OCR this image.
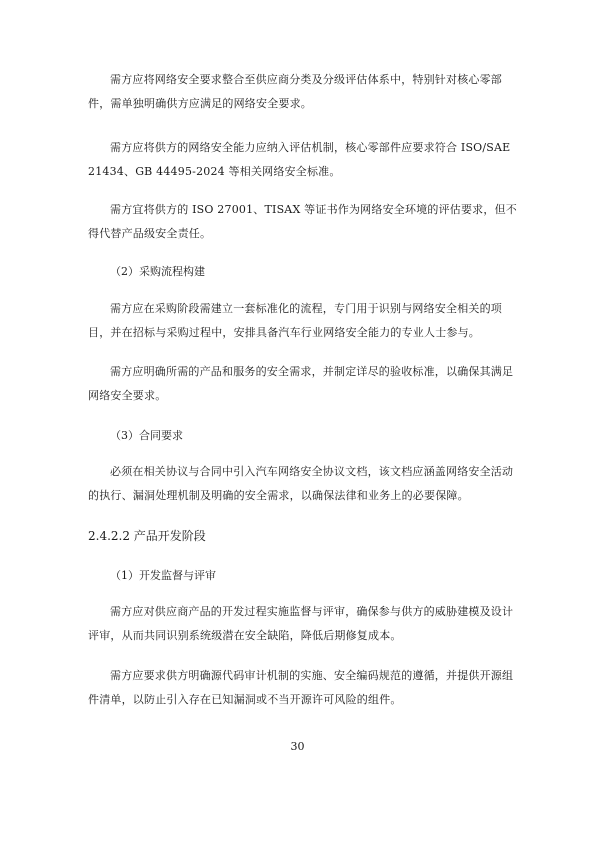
需方应将网络安全要求整合至供应商分类及分级评估体系中，特别针对核心零部件，需单独明确供方应满足的网络安全要求。

需方应将供方的网络安全能力应纳入评估机制，核心零部件应要求符合 ISO/SAE 21434、GB 44495-2024 等相关网络安全标准。

需方宜将供方的 ISO 27001、TISAX 等证书作为网络安全环境的评估要求，但不得代替产品级安全责任。

（2）采购流程构建

需方应在采购阶段需建立一套标准化的流程，专门用于识别与网络安全相关的项目，并在招标与采购过程中，安排具备汽车行业网络安全能力的专业人士参与。

需方应明确所需的产品和服务的安全需求，并制定详尽的验收标准，以确保其满足网络安全要求。

（3）合同要求

必须在相关协议与合同中引入汽车网络安全协议文档，该文档应涵盖网络安全活动的执行、漏洞处理机制及明确的安全需求，以确保法律和业务上的必要保障。

2.4.2.2 产品开发阶段

（1）开发监督与评审

需方应对供应商产品的开发过程实施监督与评审，确保参与供方的威胁建模及设计评审，从而共同识别系统级潜在安全缺陷，降低后期修复成本。

需方应要求供方明确源代码审计机制的实施、安全编码规范的遵循，并提供开源组件清单，以防止引入存在已知漏洞或不当开源许可风险的组件。

30
